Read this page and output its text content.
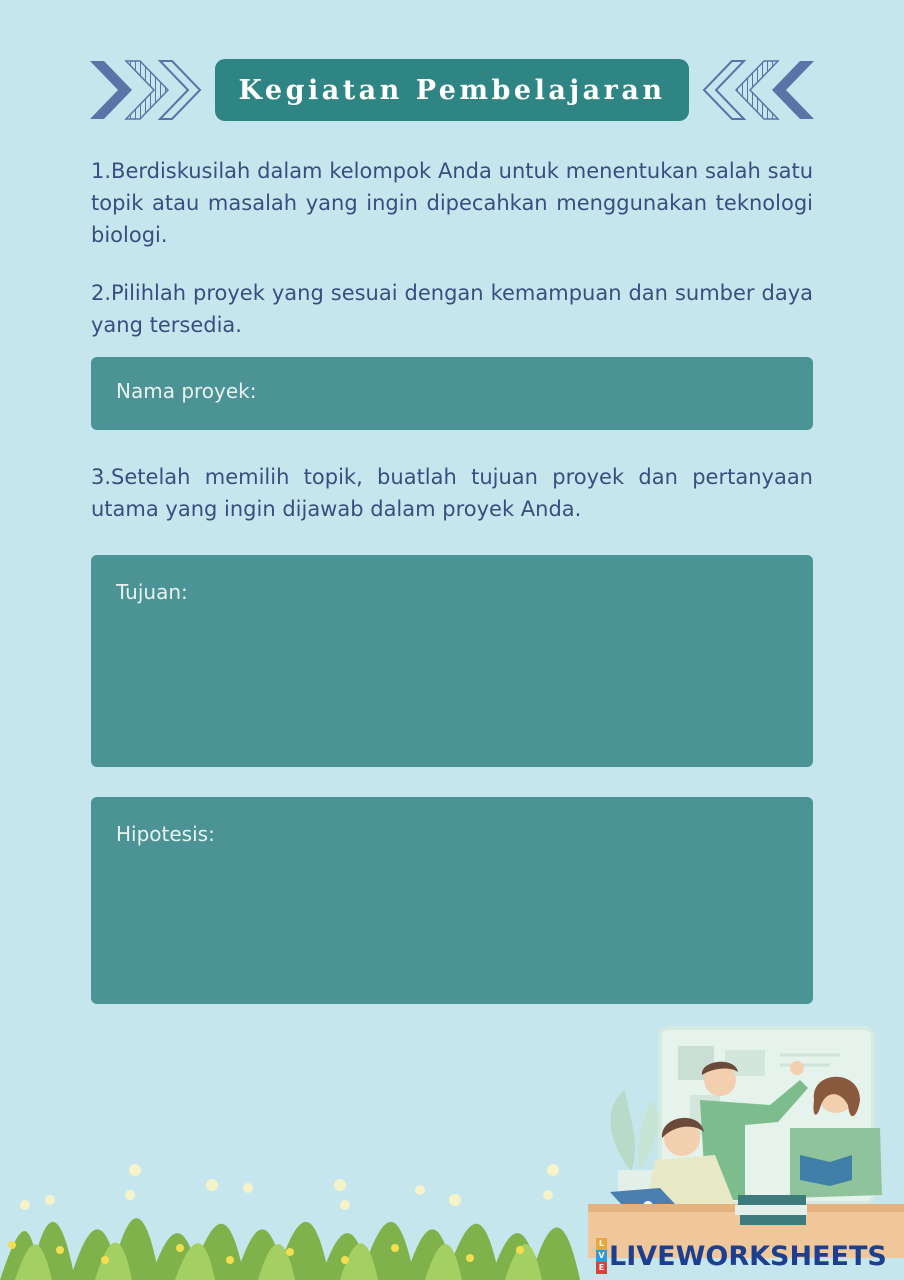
Kegiatan Pembelajaran

1.Berdiskusilah dalam kelompok Anda untuk menentukan salah satu topik atau masalah yang ingin dipecahkan menggunakan teknologi biologi.

2.Pilihlah proyek yang sesuai dengan kemampuan dan sumber daya yang tersedia.

Nama proyek:

3.Setelah memilih topik, buatlah tujuan proyek dan pertanyaan utama yang ingin dijawab dalam proyek Anda.

Tujuan:
Hipotesis:
L
V
E LIVEWORKSHEETS
